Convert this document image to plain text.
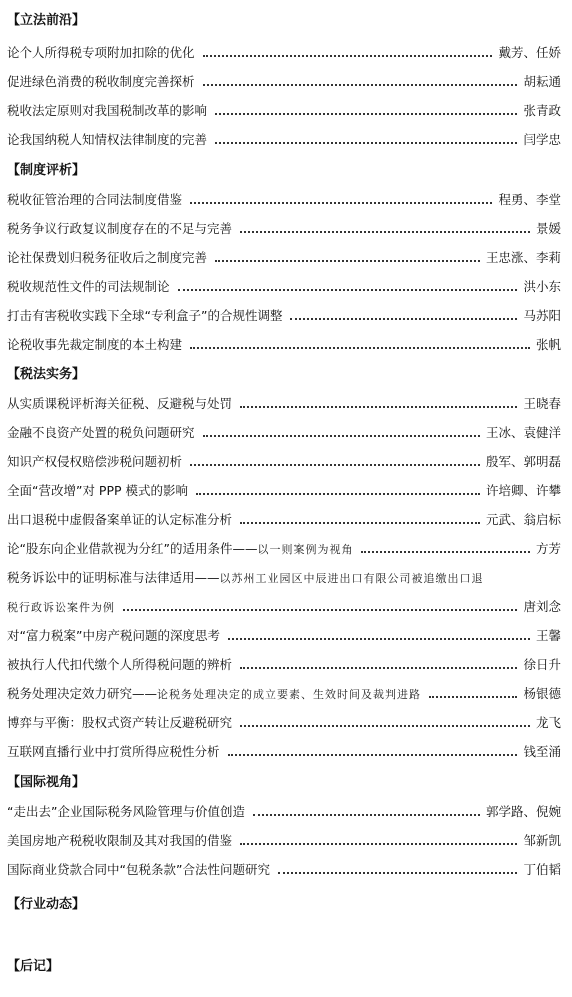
【立法前沿】
论个人所得税专项附加扣除的优化	戴芳、任娇
促进绿色消费的税收制度完善探析	胡耘通
税收法定原则对我国税制改革的影响	张青政
论我国纳税人知情权法律制度的完善	闫学忠
【制度评析】
税收征管治理的合同法制度借鉴	程勇、李堂
税务争议行政复议制度存在的不足与完善	景媛
论社保费划归税务征收后之制度完善	王忠涨、李莉
税收规范性文件的司法规制论	洪小东
打击有害税收实践下全球“专利盒子”的合规性调整	马苏阳
论税收事先裁定制度的本土构建	张帆
【税法实务】
从实质课税评析海关征税、反避税与处罚	王晓春
金融不良资产处置的税负问题研究	王冰、袁健洋
知识产权侵权赔偿涉税问题初析	殷军、郭明磊
全面“营改增”对 PPP 模式的影响	许培卿、许攀
出口退税中虚假备案单证的认定标准分析	元武、翁启标
论“股东向企业借款视为分红”的适用条件—— 以一则案例为视角	方芳
税务诉讼中的证明标准与法律适用—— 以苏州工业园区中辰进出口有限公司被追缴出口退
税行政诉讼案件为例	唐刘念
对“富力税案”中房产税问题的深度思考	王馨
被执行人代扣代缴个人所得税问题的辨析	徐日升
税务处理决定效力研究—— 论税务处理决定的成立要素、生效时间及裁判进路	杨银德
博弈与平衡：股权式资产转让反避税研究	龙飞
互联网直播行业中打赏所得应税性分析	钱至涌
【国际视角】
“走出去”企业国际税务风险管理与价值创造	郭学路、倪婉
美国房地产税税收限制及其对我国的借鉴	邹新凯
国际商业贷款合同中“包税条款”合法性问题研究	丁伯韬
【行业动态】
【后记】
